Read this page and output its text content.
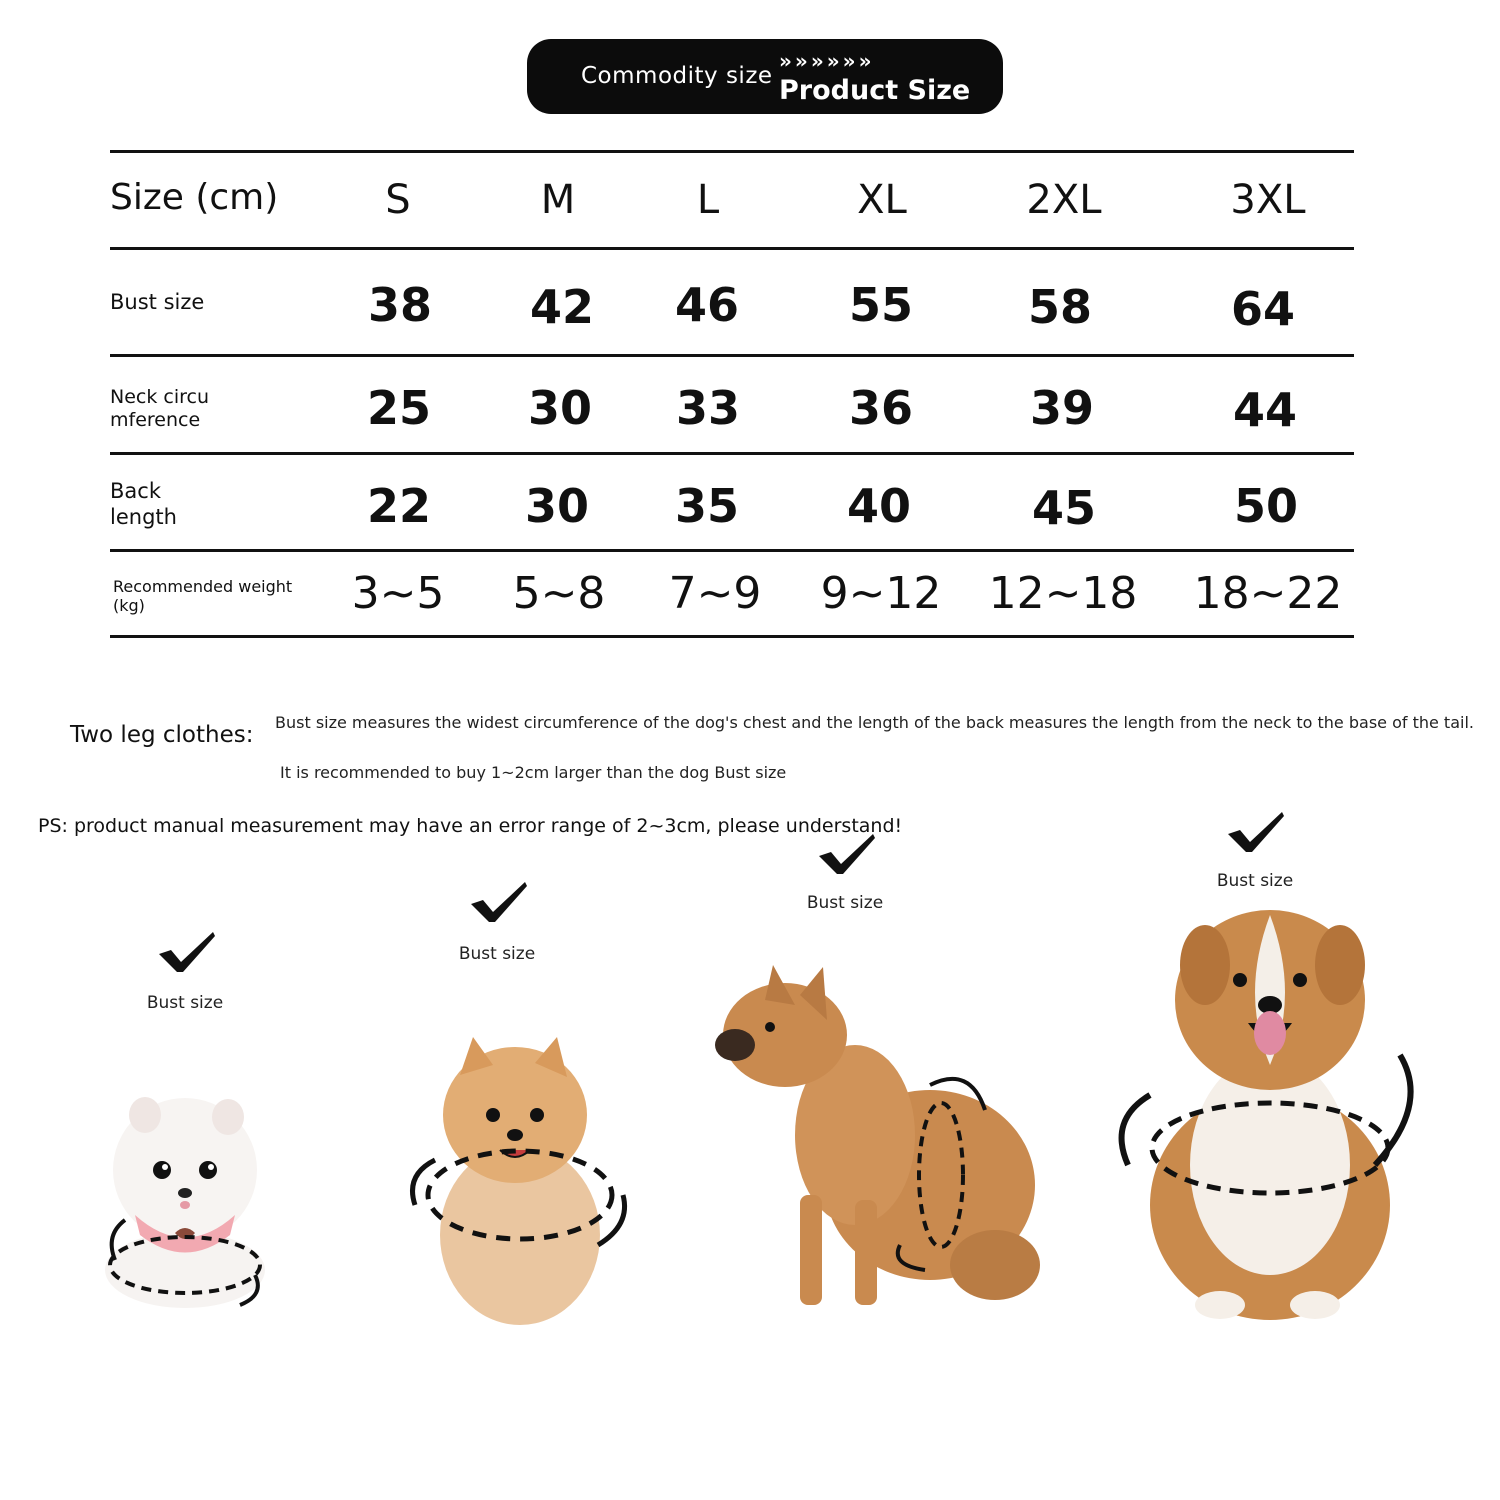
Commodity size
»»»»»»
Product Size
Size (cm)	S	M	L	XL	2XL	3XL
Bust size	38 42 46 55 58	64
Neck circu
mference	25 30 33 36	39	44
Back
length	22 30 35 40	45	50
Recommended weight
(kg)	3~5 5~8 7~9 9~12 12~18 18~22
Two leg clothes: Bust size measures the widest circumference of the dog's chest and the length of the back measures the length from the neck to the base of the tail.
It is recommended to buy 1~2cm larger than the dog Bust size
PS: product manual measurement may have an error range of 2~3cm, please understand!
Bust size
Bust size
Bust size
Bust size
